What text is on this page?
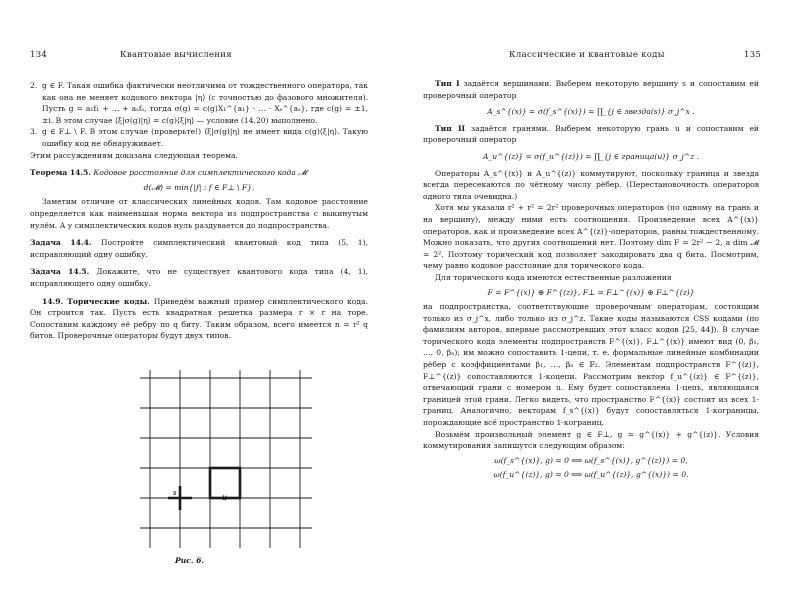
134	Квантовые вычисления
2. g ∈ F. Такая ошибка фактически неотличима от тождественного оператора, так как она не меняет кодового вектора |η⟩ (с точностью до фазового множителя). Пусть g = a₁f₁ + … + aₛfₛ, тогда σ(g) = c(g)X₁^{a₁} · … · Xₛ^{aₛ}, где c(g) = ±1, ±i. В этом случае ⟨ξ|σ(g)|η⟩ = c(g)⟨ξ|η⟩ — условие (14.20) выполнено.
3. g ∈ F⊥ \ F. В этом случае (проверьте!) ⟨ξ|σ(g)|η⟩ не имеет вида c(g)⟨ξ|η⟩. Такую ошибку код не обнаруживает.

Этим рассуждениям доказана следующая теорема.

Теорема 14.5. Кодовое расстояние для симплектического кода 𝓜

d(𝓜) = min{|f| : f ∈ F⊥ \ F}.

Заметим отличие от классических линейных кодов. Там кодовое расстояние определяется как наименьшая норма вектора из подпространства с выкинутым нулём. А у симплектических кодов нуль раздувается до подпространства.

Задача 14.4. Постройте симплектический квантовый код типа (5, 1), исправляющий одну ошибку.

Задача 14.5. Докажите, что не существует квантового кода типа (4, 1), исправляющего одну ошибку.

14.9. Торические коды. Приведём важный пример симплектического кода. Он строится так. Пусть есть квадратная решетка размера r × r на торе. Сопоставим каждому её ребру по q биту. Таким образом, всего имеется n = r² q битов. Проверочные операторы будут двух типов.

u
s
Рис. 6.
Классические и квантовые коды	135

Тип I задаётся вершинами. Выберем некоторую вершину s и сопоставим ей проверочный оператор

A_s^{(x)} = σ(f_s^{(x)}) = ∏_{j ∈ звезда(s)} σ_j^x .

Тип II задаётся гранями. Выберем некоторую грань u и сопоставим ей проверочный оператор

A_u^{(z)} = σ(f_u^{(z)}) = ∏_{j ∈ граница(u)} σ_j^z .

Операторы A_s^{(x)} и A_u^{(z)} коммутируют, поскольку граница и звезда всегда пересекаются по чётному числу рёбер. (Перестановочность операторов одного типа очевидна.)

Хотя мы указали r² + r² = 2r² проверочных операторов (по одному на грань и на вершину), между ними есть соотношения. Произведение всех A^{(x)} операторов, как и произведение всех A^{(z)}-операторов, равны тождественному. Можно показать, что других соотношений нет. Поэтому dim F = 2r² − 2, а dim 𝓜 = 2². Поэтому торический код позволяет закодировать два q бита. Посмотрим, чему равно кодовое расстояние для торического кода.

Для торического кода имеются естественные разложения

F = F^{(x)} ⊕ F^{(z)}, F⊥ = F⊥^{(x)} ⊕ F⊥^{(z)}

на подпространства, соответствующие проверочным операторам, состоящим только из σ_j^x, либо только из σ_j^z. Такие коды называются CSS кодами (по фамилиям авторов, впервые рассмотревших этот класс кодов [25, 44]). В случае торического кода элементы подпространств F^{(x)}, F⊥^{(x)} имеют вид (0, β₁, …, 0, βₙ); им можно сопоставить 1-цепи, т. е. формальные линейные комбинации рёбер с коэффициентами β₁, …, βₙ ∈ 𝔽₂. Элементам подпространств F^{(z)}, F⊥^{(z)} сопоставляются 1-коцепи. Рассмотрим вектор f_u^{(z)} ∈ F^{(z)}, отвечающий грани с номером u. Ему будет сопоставлена 1-цепь, являющаяся границей этой грани. Легко видеть, что пространство F^{(x)} состоит из всех 1-границ. Аналогично, векторам f_s^{(x)} будут сопоставляться 1-кограницы, порождающие всё пространство 1-кограниц.

Возьмём произвольный элемент g ∈ F⊥, g = g^{(x)} + g^{(z)}. Условия коммутирования запишутся следующим образом:

ω(f_s^{(x)}, g) = 0 ⟺ ω(f_s^{(x)}, g^{(z)}) = 0,

ω(f_u^{(z)}, g) = 0 ⟺ ω(f_u^{(z)}, g^{(x)}) = 0.
